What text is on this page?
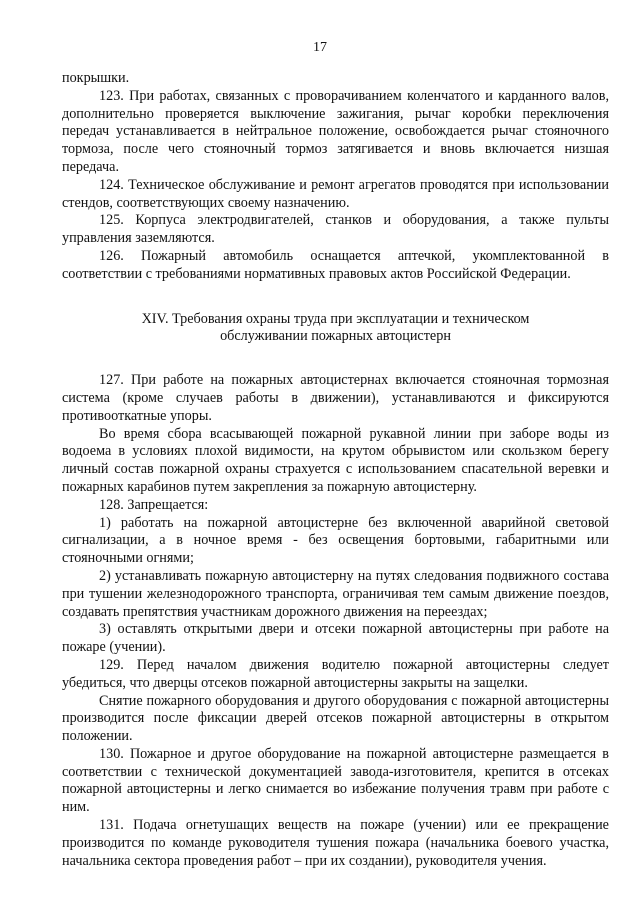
17

покрышки.

123. При работах, связанных с проворачиванием коленчатого и карданного валов, дополнительно проверяется выключение зажигания, рычаг коробки переключения передач устанавливается в нейтральное положение, освобождается рычаг стояночного тормоза, после чего стояночный тормоз затягивается и вновь включается низшая передача.

124. Техническое обслуживание и ремонт агрегатов проводятся при использовании стендов, соответствующих своему назначению.

125. Корпуса электродвигателей, станков и оборудования, а также пульты управления заземляются.

126. Пожарный автомобиль оснащается аптечкой, укомплектованной в соответствии с требованиями нормативных правовых актов Российской Федерации.

XIV. Требования охраны труда при эксплуатации и техническом
обслуживании пожарных автоцистерн

127. При работе на пожарных автоцистернах включается стояночная тормозная система (кроме случаев работы в движении), устанавливаются и фиксируются противооткатные упоры.

Во время сбора всасывающей пожарной рукавной линии при заборе воды из водоема в условиях плохой видимости, на крутом обрывистом или скользком берегу личный состав пожарной охраны страхуется с использованием спасательной веревки и пожарных карабинов путем закрепления за пожарную автоцистерну.

128. Запрещается:

1) работать на пожарной автоцистерне без включенной аварийной световой сигнализации, а в ночное время - без освещения бортовыми, габаритными или стояночными огнями;

2) устанавливать пожарную автоцистерну на путях следования подвижного состава при тушении железнодорожного транспорта, ограничивая тем самым движение поездов, создавать препятствия участникам дорожного движения на переездах;

3) оставлять открытыми двери и отсеки пожарной автоцистерны при работе на пожаре (учении).

129. Перед началом движения водителю пожарной автоцистерны следует убедиться, что дверцы отсеков пожарной автоцистерны закрыты на защелки.

Снятие пожарного оборудования и другого оборудования с пожарной автоцистерны производится после фиксации дверей отсеков пожарной автоцистерны в открытом положении.

130. Пожарное и другое оборудование на пожарной автоцистерне размещается в соответствии с технической документацией завода-изготовителя, крепится в отсеках пожарной автоцистерны и легко снимается во избежание получения травм при работе с ним.

131. Подача огнетушащих веществ на пожаре (учении) или ее прекращение производится по команде руководителя тушения пожара (начальника боевого участка, начальника сектора проведения работ – при их создании), руководителя учения.
